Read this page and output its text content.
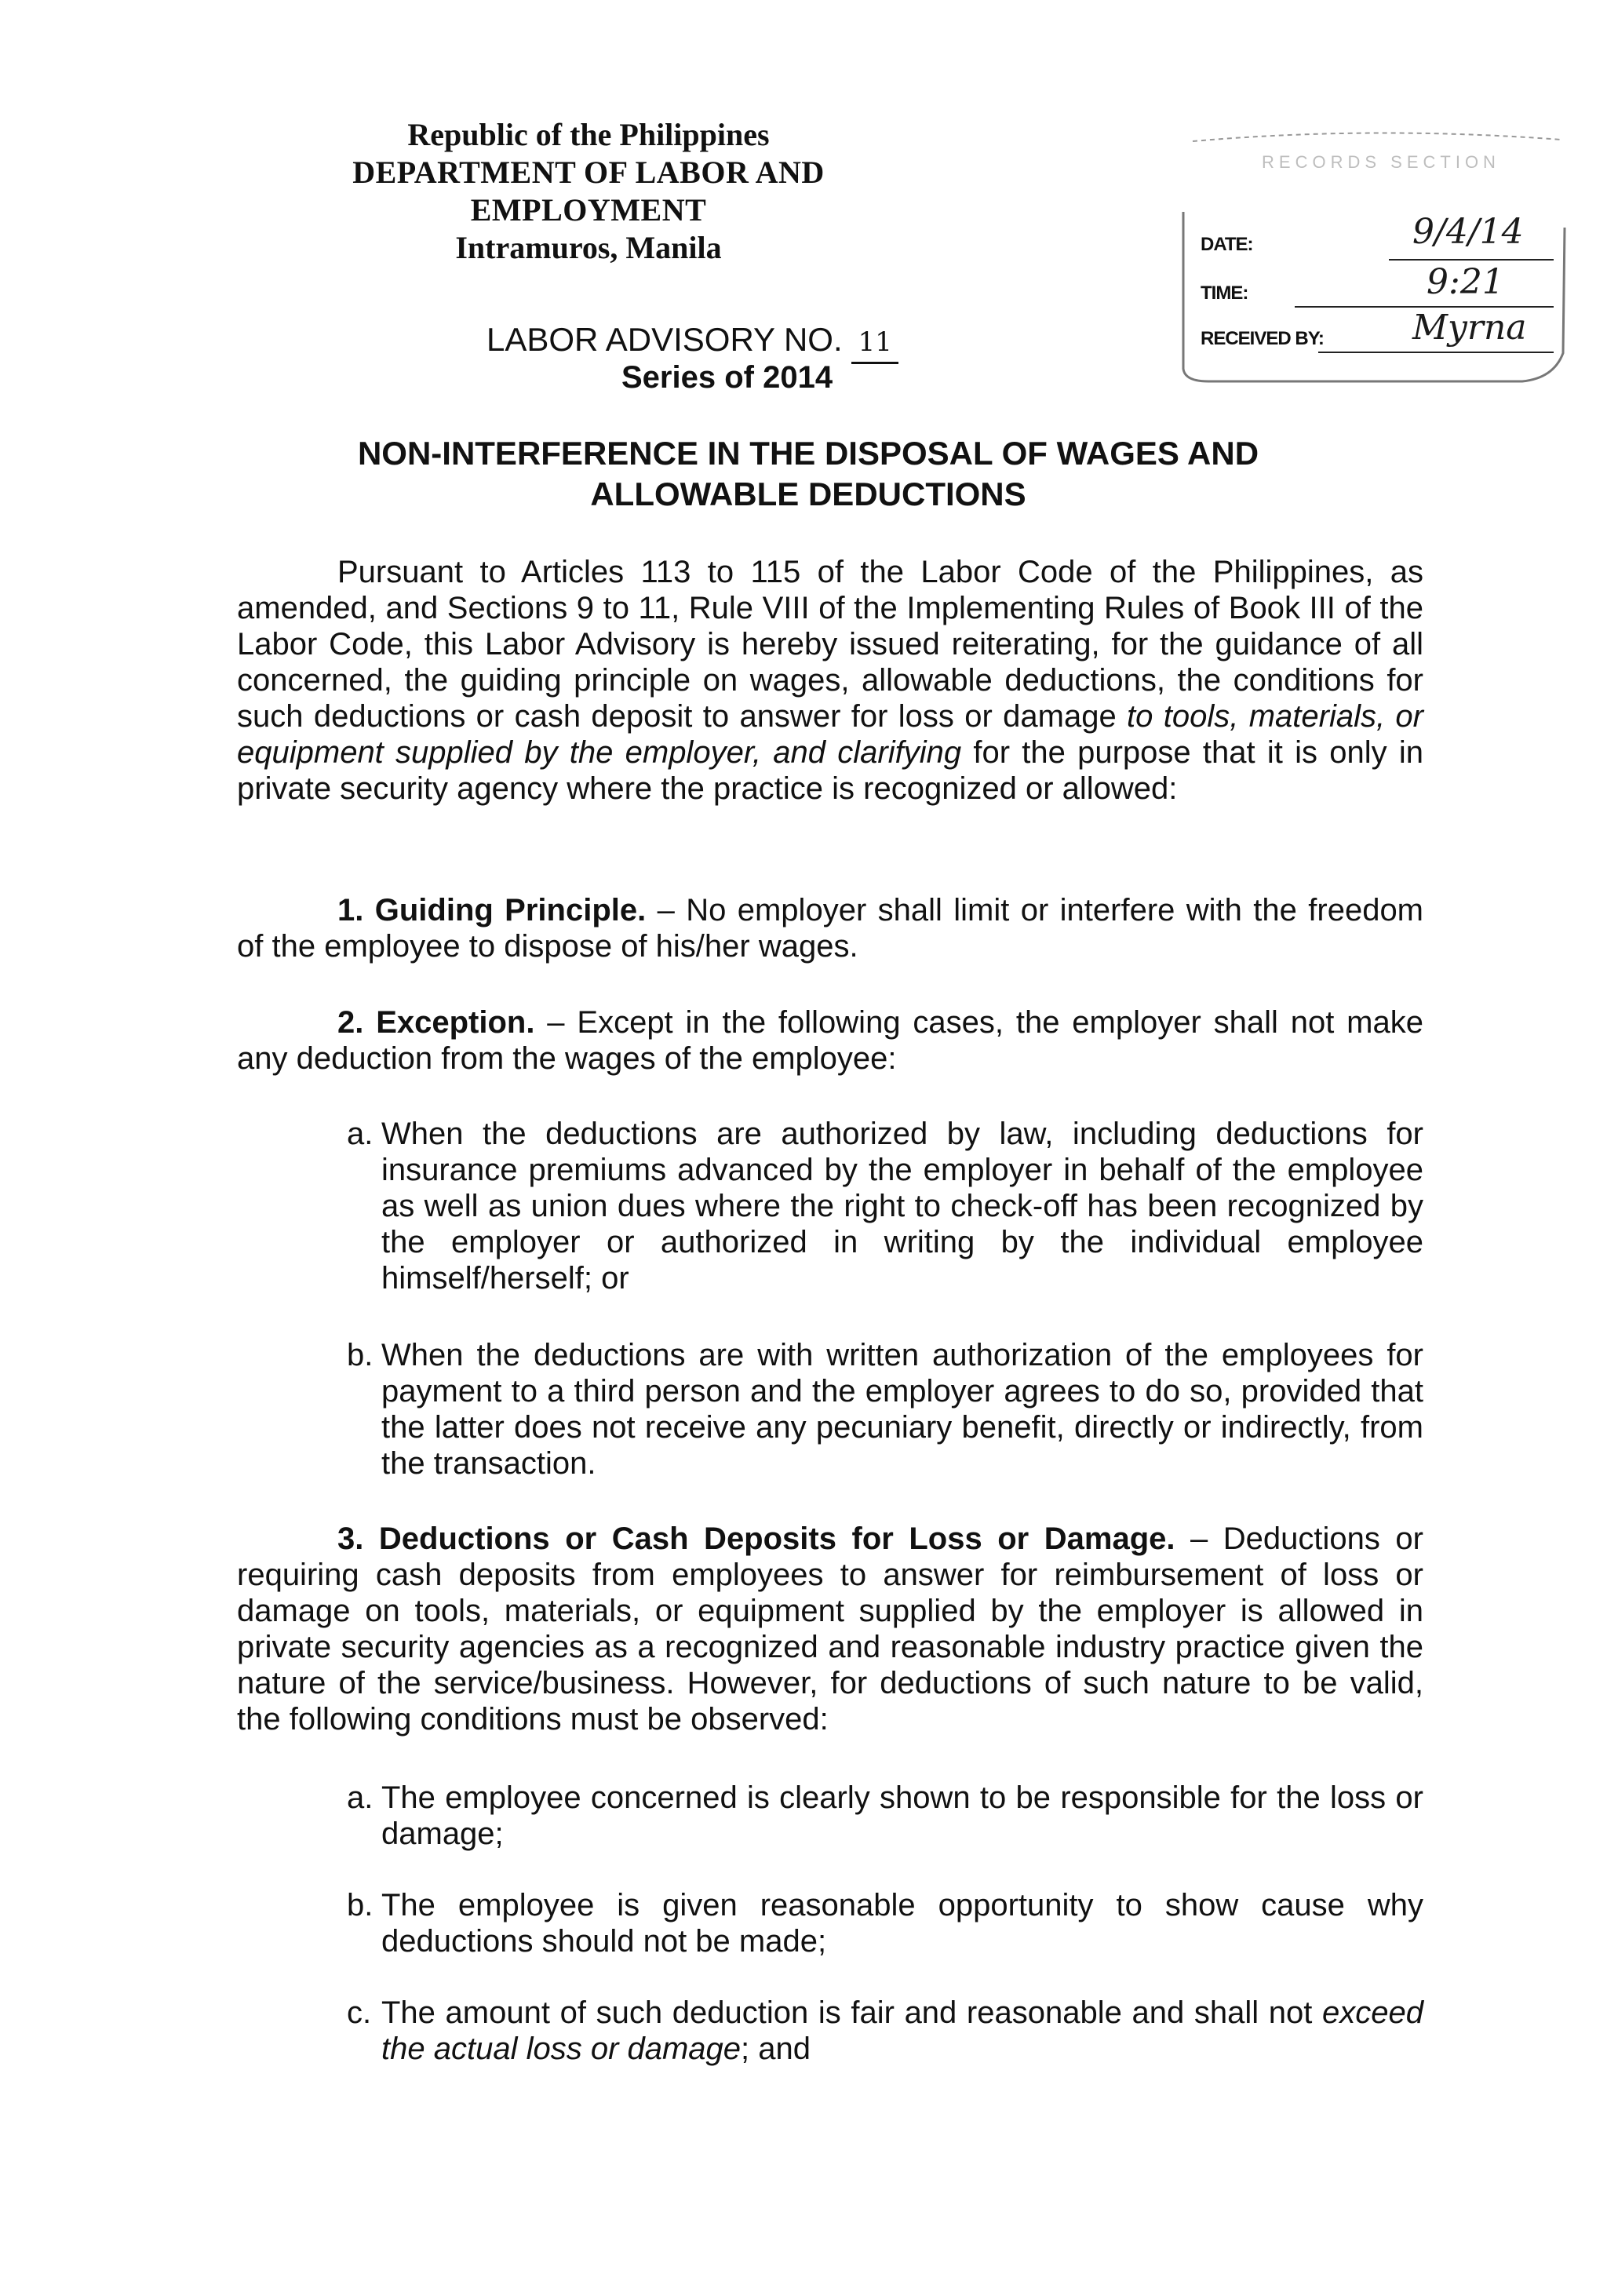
Republic of the Philippines
DEPARTMENT OF LABOR AND EMPLOYMENT
Intramuros, Manila
LABOR ADVISORY NO. 11
Series of 2014
RECORDS SECTION
DATE:	9/4/14
TIME:	9:21
RECEIVED BY:	Myrna
NON-INTERFERENCE IN THE DISPOSAL OF WAGES AND
ALLOWABLE DEDUCTIONS
Pursuant to Articles 113 to 115 of the Labor Code of the Philippines, as amended, and Sections 9 to 11, Rule VIII of the Implementing Rules of Book III of the Labor Code, this Labor Advisory is hereby issued reiterating, for the guidance of all concerned, the guiding principle on wages, allowable deductions, the conditions for such deductions or cash deposit to answer for loss or damage to tools, materials, or equipment supplied by the employer, and clarifying for the purpose that it is only in private security agency where the practice is recognized or allowed:
1. Guiding Principle. – No employer shall limit or interfere with the freedom of the employee to dispose of his/her wages.
2. Exception. – Except in the following cases, the employer shall not make any deduction from the wages of the employee:
a. When the deductions are authorized by law, including deductions for insurance premiums advanced by the employer in behalf of the employee as well as union dues where the right to check-off has been recognized by the employer or authorized in writing by the individual employee himself/herself; or
b. When the deductions are with written authorization of the employees for payment to a third person and the employer agrees to do so, provided that the latter does not receive any pecuniary benefit, directly or indirectly, from the transaction.
3. Deductions or Cash Deposits for Loss or Damage. – Deductions or requiring cash deposits from employees to answer for reimbursement of loss or damage on tools, materials, or equipment supplied by the employer is allowed in private security agencies as a recognized and reasonable industry practice given the nature of the service/business. However, for deductions of such nature to be valid, the following conditions must be observed:
a. The employee concerned is clearly shown to be responsible for the loss or damage;
b. The employee is given reasonable opportunity to show cause why deductions should not be made;
c. The amount of such deduction is fair and reasonable and shall not exceed the actual loss or damage; and
